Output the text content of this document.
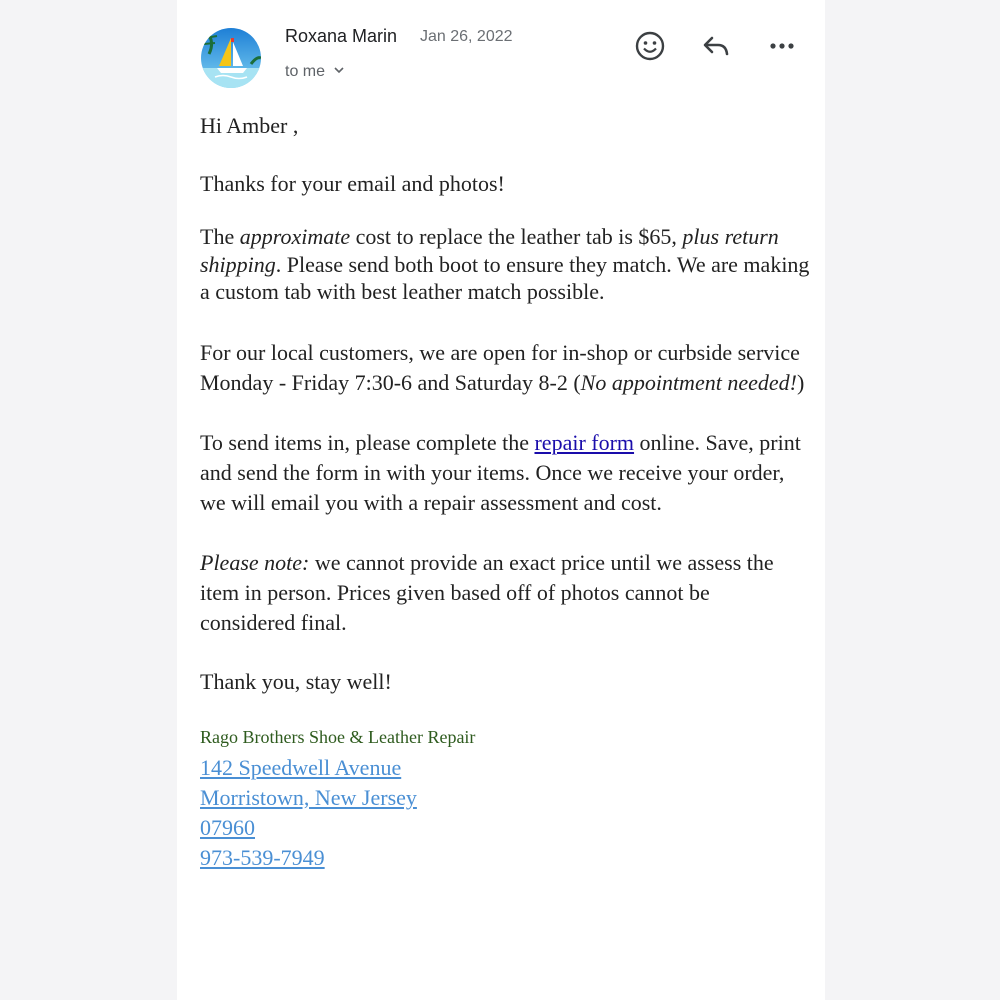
Roxana Marin Jan 26, 2022
to me

Hi Amber ,

Thanks for your email and photos!

The approximate cost to replace the leather tab is $65, plus return shipping. Please send both boot to ensure they match. We are making a custom tab with best leather match possible.

For our local customers, we are open for in-shop or curbside service Monday - Friday 7:30-6 and Saturday 8-2 (No appointment needed!)

To send items in, please complete the repair form online. Save, print and send the form in with your items. Once we receive your order, we will email you with a repair assessment and cost.

Please note: we cannot provide an exact price until we assess the item in person. Prices given based off of photos cannot be considered final.

Thank you, stay well!

Rago Brothers Shoe & Leather Repair

142 Speedwell Avenue
Morristown, New Jersey
07960
973-539-7949
